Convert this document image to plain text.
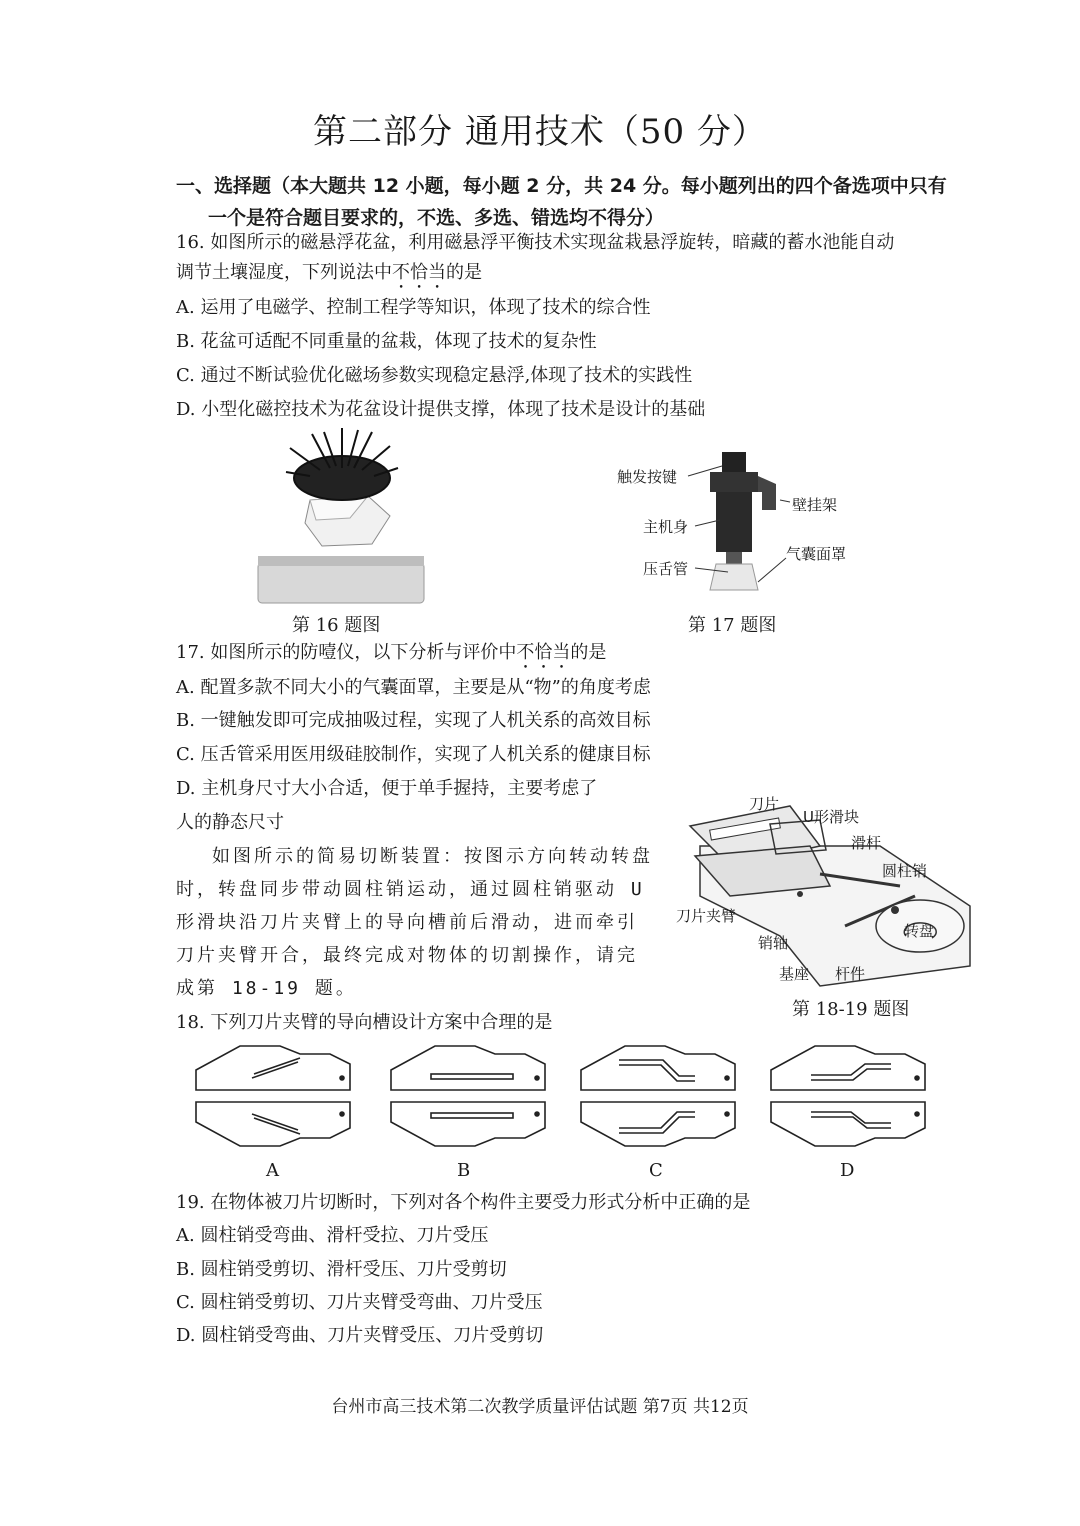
第二部分 通用技术（50 分）
一、选择题（本大题共 12 小题，每小题 2 分，共 24 分。每小题列出的四个备选项中只有
一个是符合题目要求的，不选、多选、错选均不得分）
16. 如图所示的磁悬浮花盆，利用磁悬浮平衡技术实现盆栽悬浮旋转，暗藏的蓄水池能自动
调节土壤湿度，下列说法中不恰当的是
A. 运用了电磁学、控制工程学等知识，体现了技术的综合性
B. 花盆可适配不同重量的盆栽，体现了技术的复杂性
C. 通过不断试验优化磁场参数实现稳定悬浮,体现了技术的实践性
D. 小型化磁控技术为花盆设计提供支撑，体现了技术是设计的基础
第 16 题图
触发按键
壁挂架
主机身
压舌管
气囊面罩
第 17 题图
17. 如图所示的防噎仪，以下分析与评价中不恰当的是
A. 配置多款不同大小的气囊面罩，主要是从“物”的角度考虑
B. 一键触发即可完成抽吸过程，实现了人机关系的高效目标
C. 压舌管采用医用级硅胶制作，实现了人机关系的健康目标
D. 主机身尺寸大小合适，便于单手握持，主要考虑了
人的静态尺寸
如图所示的简易切断装置：按图示方向转动转盘时，转盘同步带动圆柱销运动，通过圆柱销驱动 U 形滑块沿刀片夹臂上的导向槽前后滑动，进而牵引刀片夹臂开合，最终完成对物体的切割操作，请完成第 18-19 题。
刀片
U形滑块
滑杆
圆柱销
刀片夹臂
转盘
销轴
基座 杆件
第 18-19 题图
18. 下列刀片夹臂的导向槽设计方案中合理的是
A	B	C	D
19. 在物体被刀片切断时，下列对各个构件主要受力形式分析中正确的是
A. 圆柱销受弯曲、滑杆受拉、刀片受压
B. 圆柱销受剪切、滑杆受压、刀片受剪切
C. 圆柱销受剪切、刀片夹臂受弯曲、刀片受压
D. 圆柱销受弯曲、刀片夹臂受压、刀片受剪切
台州市高三技术第二次教学质量评估试题 第7页 共12页
